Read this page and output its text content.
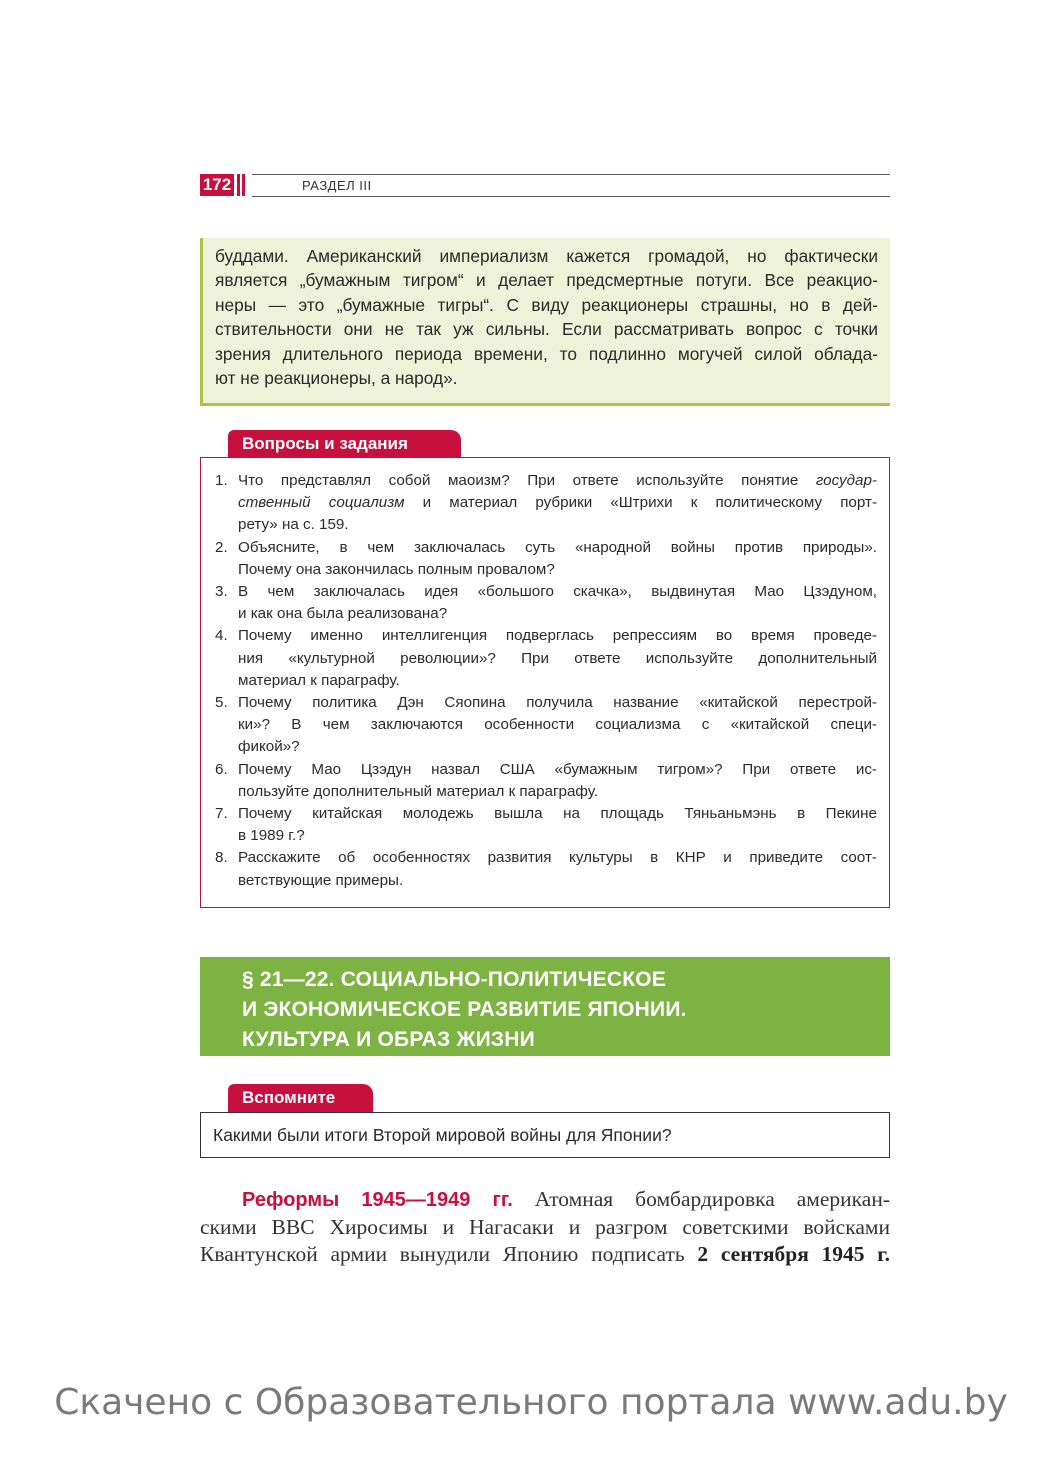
172	РАЗДЕЛ III
буддами. Американский империализм кажется громадой, но фактически
является „бумажным тигром“ и делает предсмертные потуги. Все реакцио-
неры — это „бумажные тигры“. С виду реакционеры страшны, но в дей-
ствительности они не так уж сильны. Если рассматривать вопрос с точки
зрения длительного периода времени, то подлинно могучей силой облада-
ют не реакционеры, а народ».
Вопросы и задания
1. Что представлял собой маоизм? При ответе используйте понятие государ-
ственный социализм и материал рубрики «Штрихи к политическому порт-
рету» на с. 159.
2. Объясните, в чем заключалась суть «народной войны против природы».
Почему она закончилась полным провалом?
3. В чем заключалась идея «большого скачка», выдвинутая Мао Цзэдуном,
и как она была реализована?
4. Почему именно интеллигенция подверглась репрессиям во время проведе-
ния «культурной революции»? При ответе используйте дополнительный
материал к параграфу.
5. Почему политика Дэн Сяопина получила название «китайской перестрой-
ки»? В чем заключаются особенности социализма с «китайской специ-
фикой»?
6. Почему Мао Цзэдун назвал США «бумажным тигром»? При ответе ис-
пользуйте дополнительный материал к параграфу.
7. Почему китайская молодежь вышла на площадь Тяньаньмэнь в Пекине
в 1989 г.?
8. Расскажите об особенностях развития культуры в КНР и приведите соот-
ветствующие примеры.
§ 21—22. СОЦИАЛЬНО-ПОЛИТИЧЕСКОЕ
И ЭКОНОМИЧЕСКОЕ РАЗВИТИЕ ЯПОНИИ.
КУЛЬТУРА И ОБРАЗ ЖИЗНИ
Вспомните
Какими были итоги Второй мировой войны для Японии?
Реформы 1945—1949 гг. Атомная бомбардировка американ-
скими ВВС Хиросимы и Нагасаки и разгром советскими войсками
Квантунской армии вынудили Японию подписать 2 сентября 1945 г.
Скачено с Образовательного портала www.adu.by
